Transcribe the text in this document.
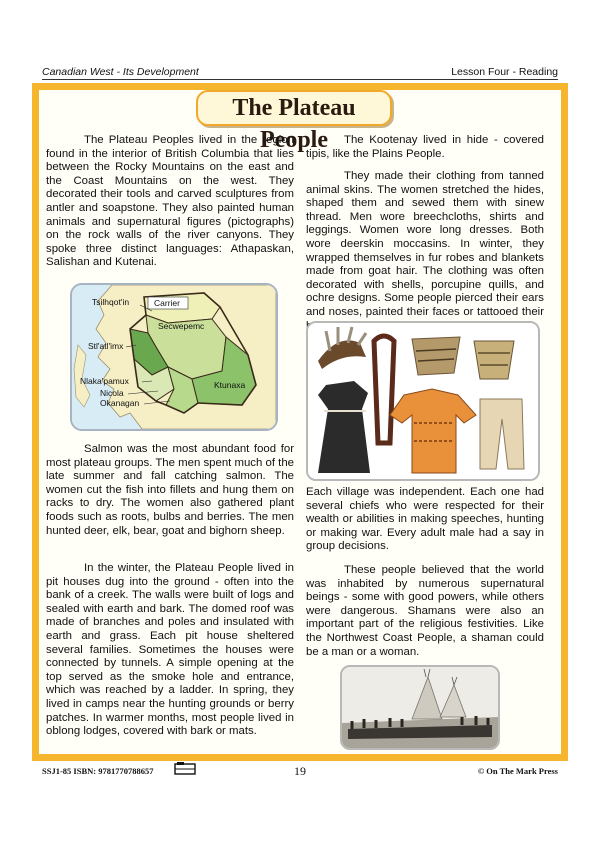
Canadian West - Its Development	Lesson Four - Reading
The Plateau People
The Plateau Peoples lived in the region found in the interior of British Columbia that lies between the Rocky Mountains on the east and the Coast Mountains on the west. They decorated their tools and carved sculptures from antler and soapstone. They also painted human animals and supernatural figures (pictographs) on the rock walls of the river canyons. They spoke three distinct languages: Athapaskan, Salishan and Kutenai.
Tsilhqot'in	Carrier
Secwepemc
Stl'atl'imx
Nlaka'pamux
Nicola
Okanagan
Ktunaxa
Salmon was the most abundant food for most plateau groups. The men spent much of the late summer and fall catching salmon. The women cut the fish into fillets and hung them on racks to dry. The women also gathered plant foods such as roots, bulbs and berries. The men hunted deer, elk, bear, goat and bighorn sheep.
In the winter, the Plateau People lived in pit houses dug into the ground - often into the bank of a creek. The walls were built of logs and sealed with earth and bark. The domed roof was made of branches and poles and insulated with earth and grass. Each pit house sheltered several families. Sometimes the houses were connected by tunnels. A simple opening at the top served as the smoke hole and entrance, which was reached by a ladder. In spring, they lived in camps near the hunting grounds or berry patches. In warmer months, most people lived in oblong lodges, covered with bark or mats.
The Kootenay lived in hide - covered tipis, like the Plains People.
They made their clothing from tanned animal skins. The women stretched the hides, shaped them and sewed them with sinew thread. Men wore breechcloths, shirts and leggings. Women wore long dresses. Both wore deerskin moccasins. In winter, they wrapped themselves in fur robes and blankets made from goat hair. The clothing was often decorated with shells, porcupine quills, and ochre designs. Some people pierced their ears and noses, painted their faces or tattooed their
Each village was independent. Each one had several chiefs who were respected for their wealth or abilities in making speeches, hunting or making war. Every adult male had a say in group decisions.
These people believed that the world was inhabited by numerous supernatural beings - some with good powers, while others were dangerous. Shamans were also an important part of the religious festivities. Like the Northwest Coast People, a shaman could be a man or a woman.
SSJ1-85 ISBN: 9781770788657	19	© On The Mark Press
